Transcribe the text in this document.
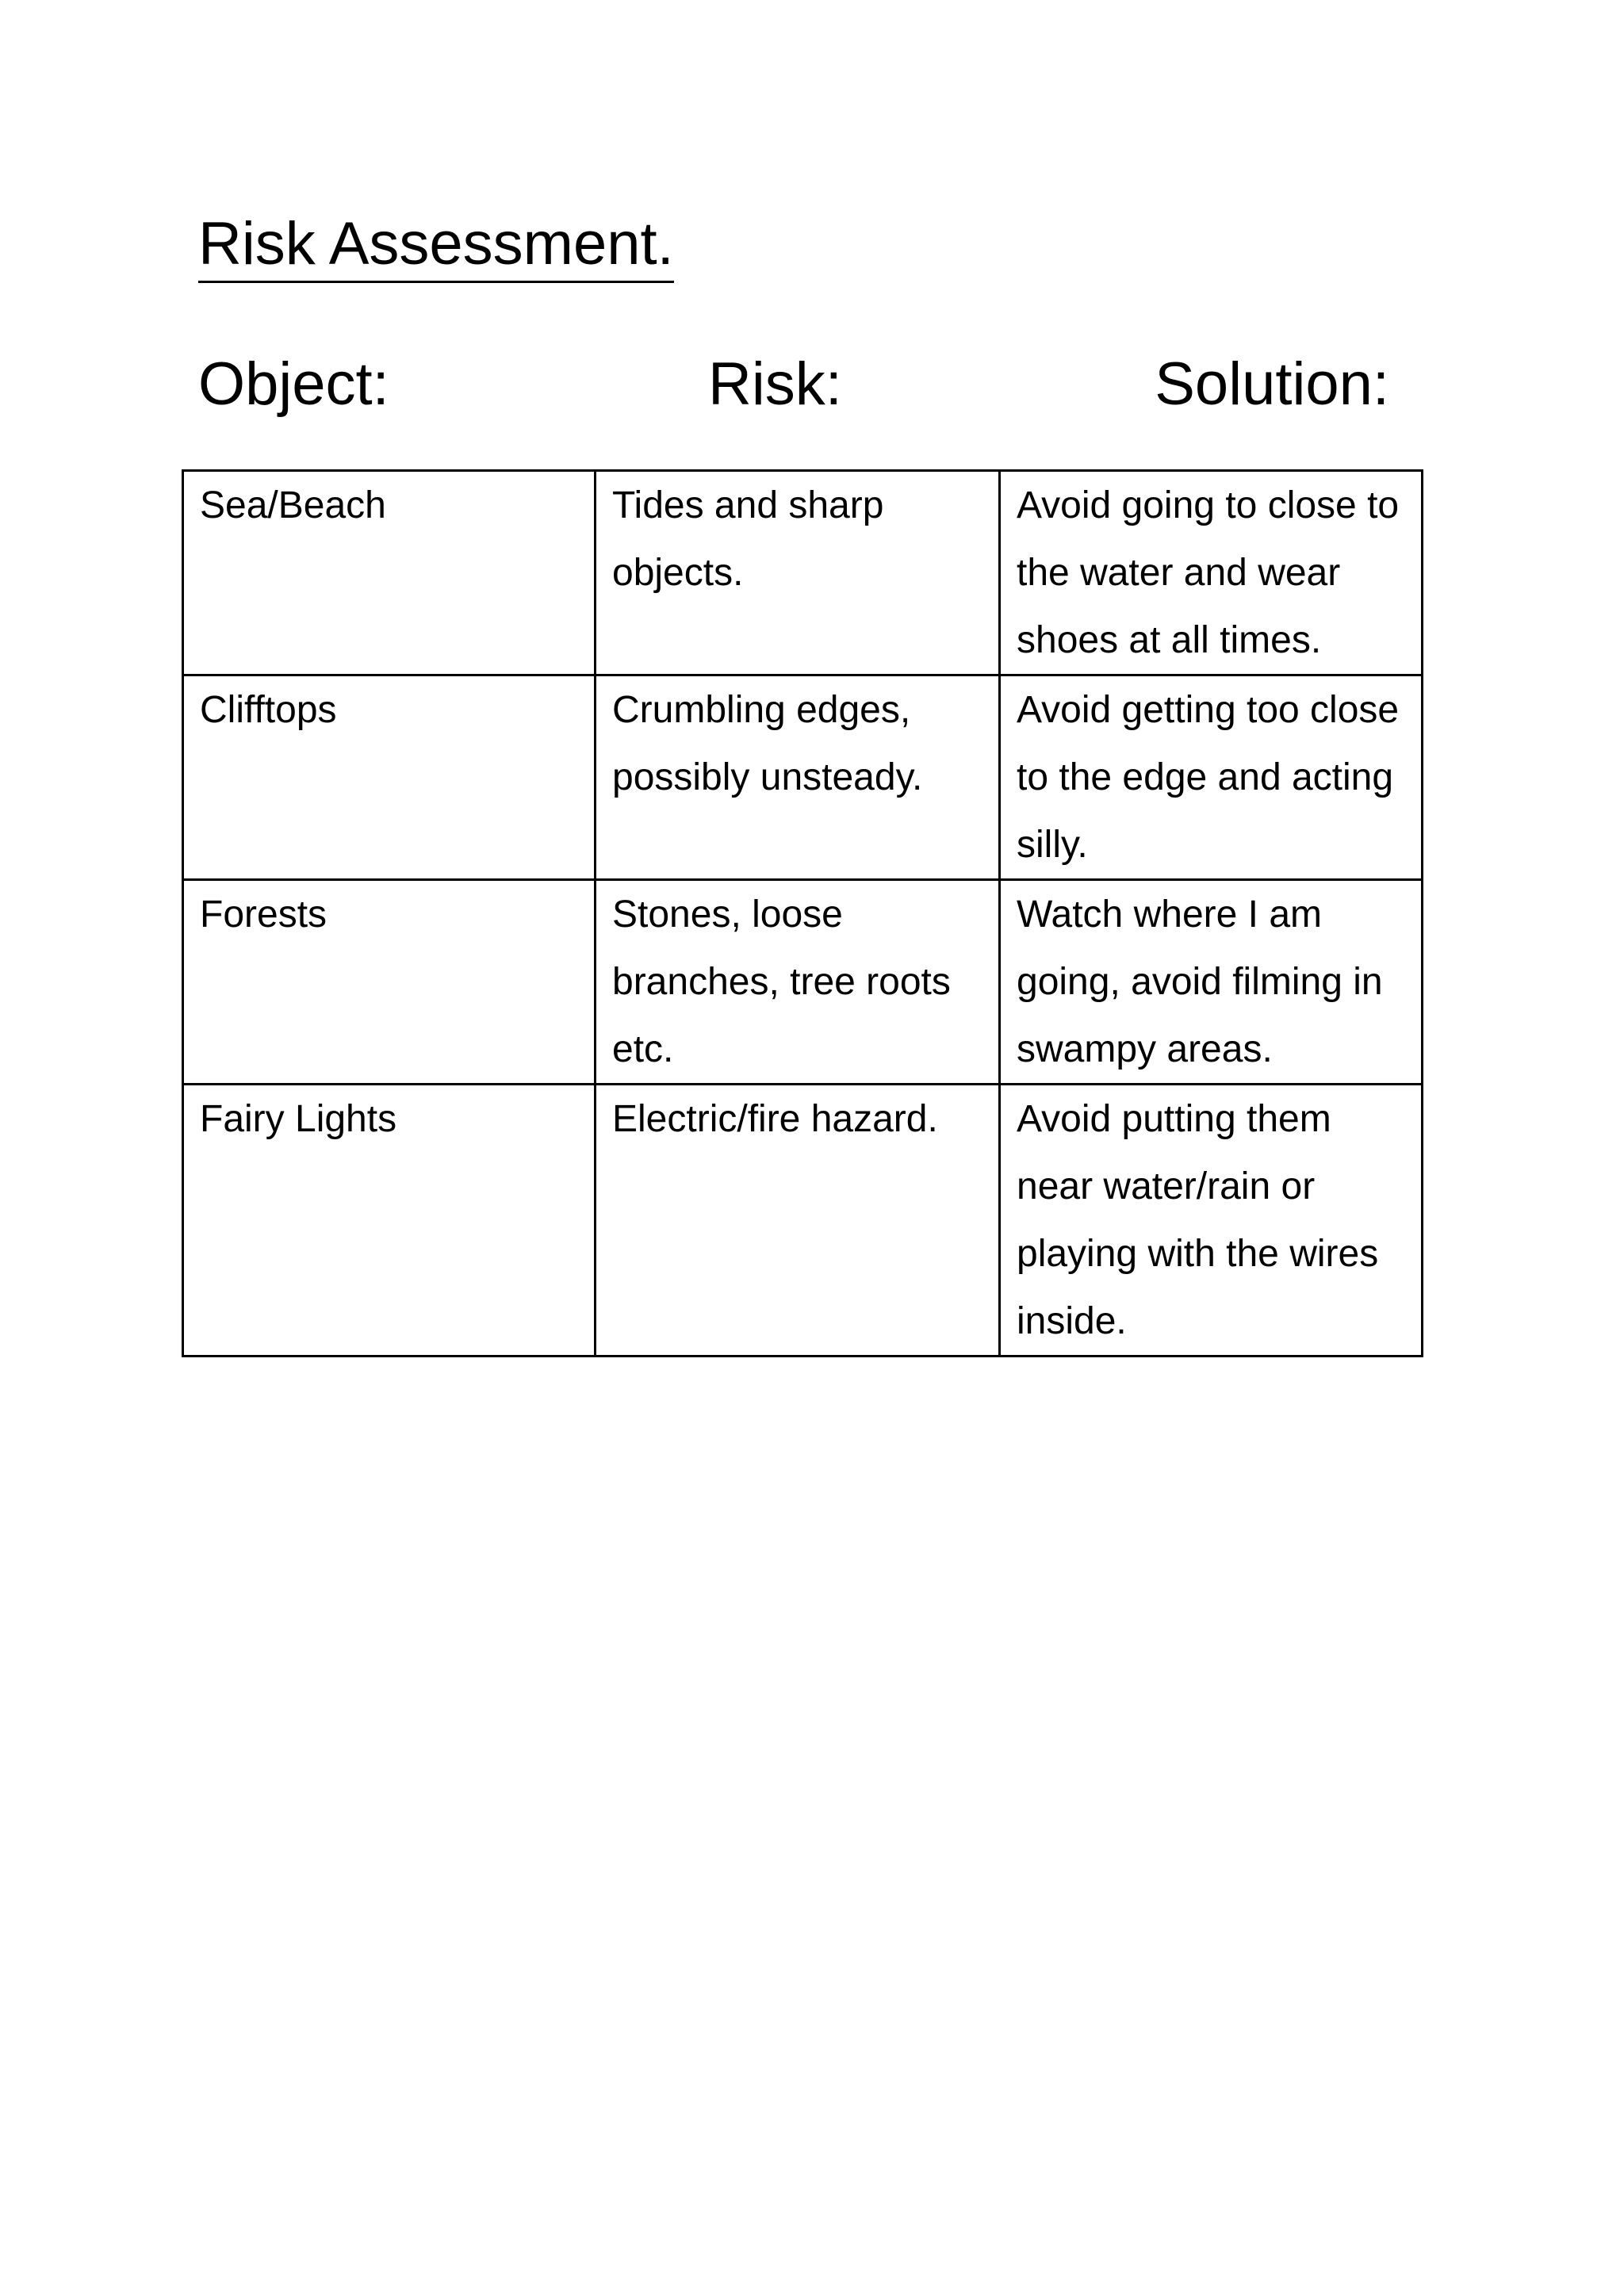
Risk Assessment.
Object:	Risk:	Solution:
Sea/Beach	Tides and sharp objects.	Avoid going to close to the water and wear shoes at all times.
Clifftops	Crumbling edges, possibly unsteady.	Avoid getting too close to the edge and acting silly.
Forests	Stones, loose branches, tree roots etc.	Watch where I am going, avoid filming in swampy areas.
Fairy Lights	Electric/fire hazard.	Avoid putting them near water/rain or playing with the wires inside.
